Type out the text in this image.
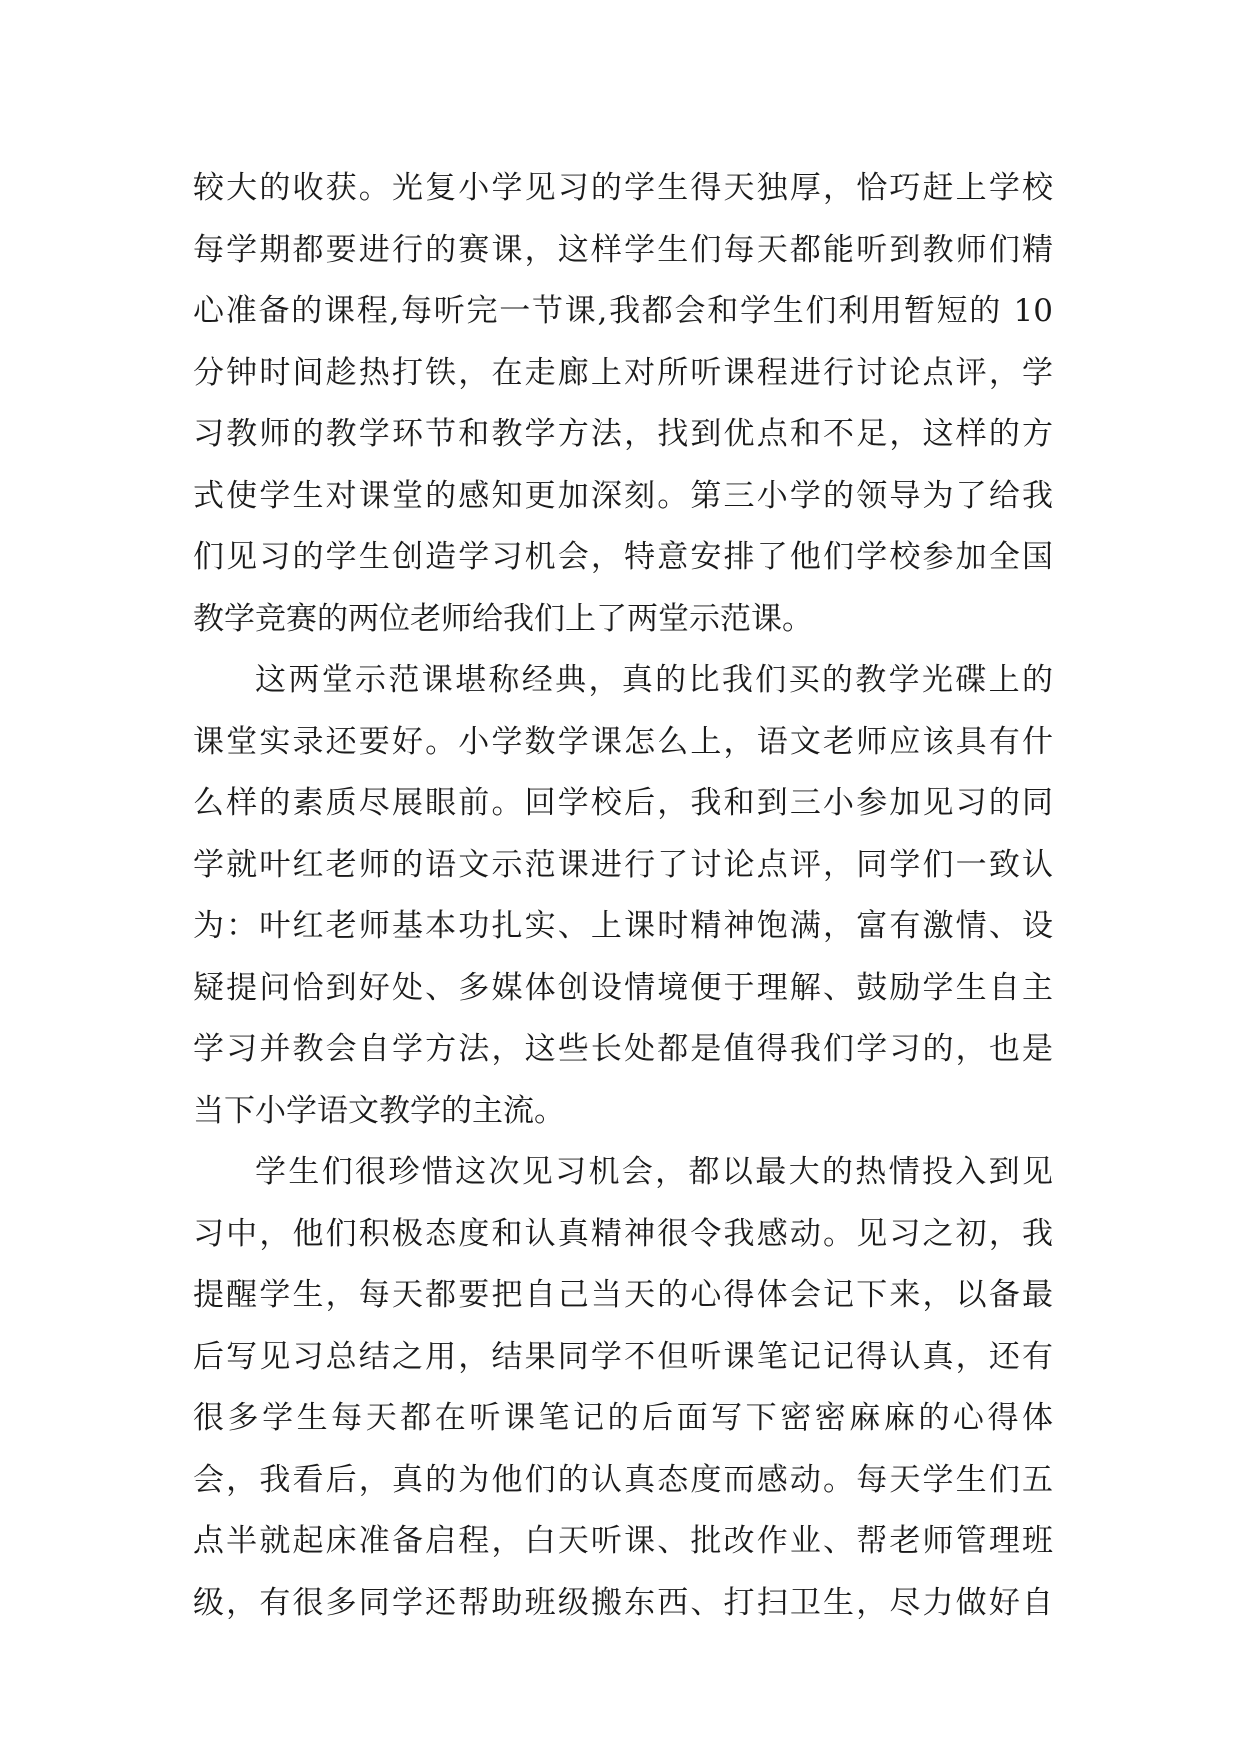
较大的收获。光复小学见习的学生得天独厚，恰巧赶上学校
每学期都要进行的赛课，这样学生们每天都能听到教师们精
心准备的课程,每听完一节课,我都会和学生们利用暂短的 10
分钟时间趁热打铁，在走廊上对所听课程进行讨论点评，学
习教师的教学环节和教学方法，找到优点和不足，这样的方
式使学生对课堂的感知更加深刻。第三小学的领导为了给我
们见习的学生创造学习机会，特意安排了他们学校参加全国
教学竞赛的两位老师给我们上了两堂示范课。
这两堂示范课堪称经典，真的比我们买的教学光碟上的
课堂实录还要好。小学数学课怎么上，语文老师应该具有什
么样的素质尽展眼前。回学校后，我和到三小参加见习的同
学就叶红老师的语文示范课进行了讨论点评，同学们一致认
为：叶红老师基本功扎实、上课时精神饱满，富有激情、设
疑提问恰到好处、多媒体创设情境便于理解、鼓励学生自主
学习并教会自学方法，这些长处都是值得我们学习的，也是
当下小学语文教学的主流。
学生们很珍惜这次见习机会，都以最大的热情投入到见
习中，他们积极态度和认真精神很令我感动。见习之初，我
提醒学生，每天都要把自己当天的心得体会记下来，以备最
后写见习总结之用，结果同学不但听课笔记记得认真，还有
很多学生每天都在听课笔记的后面写下密密麻麻的心得体
会，我看后，真的为他们的认真态度而感动。每天学生们五
点半就起床准备启程，白天听课、批改作业、帮老师管理班
级，有很多同学还帮助班级搬东西、打扫卫生，尽力做好自
